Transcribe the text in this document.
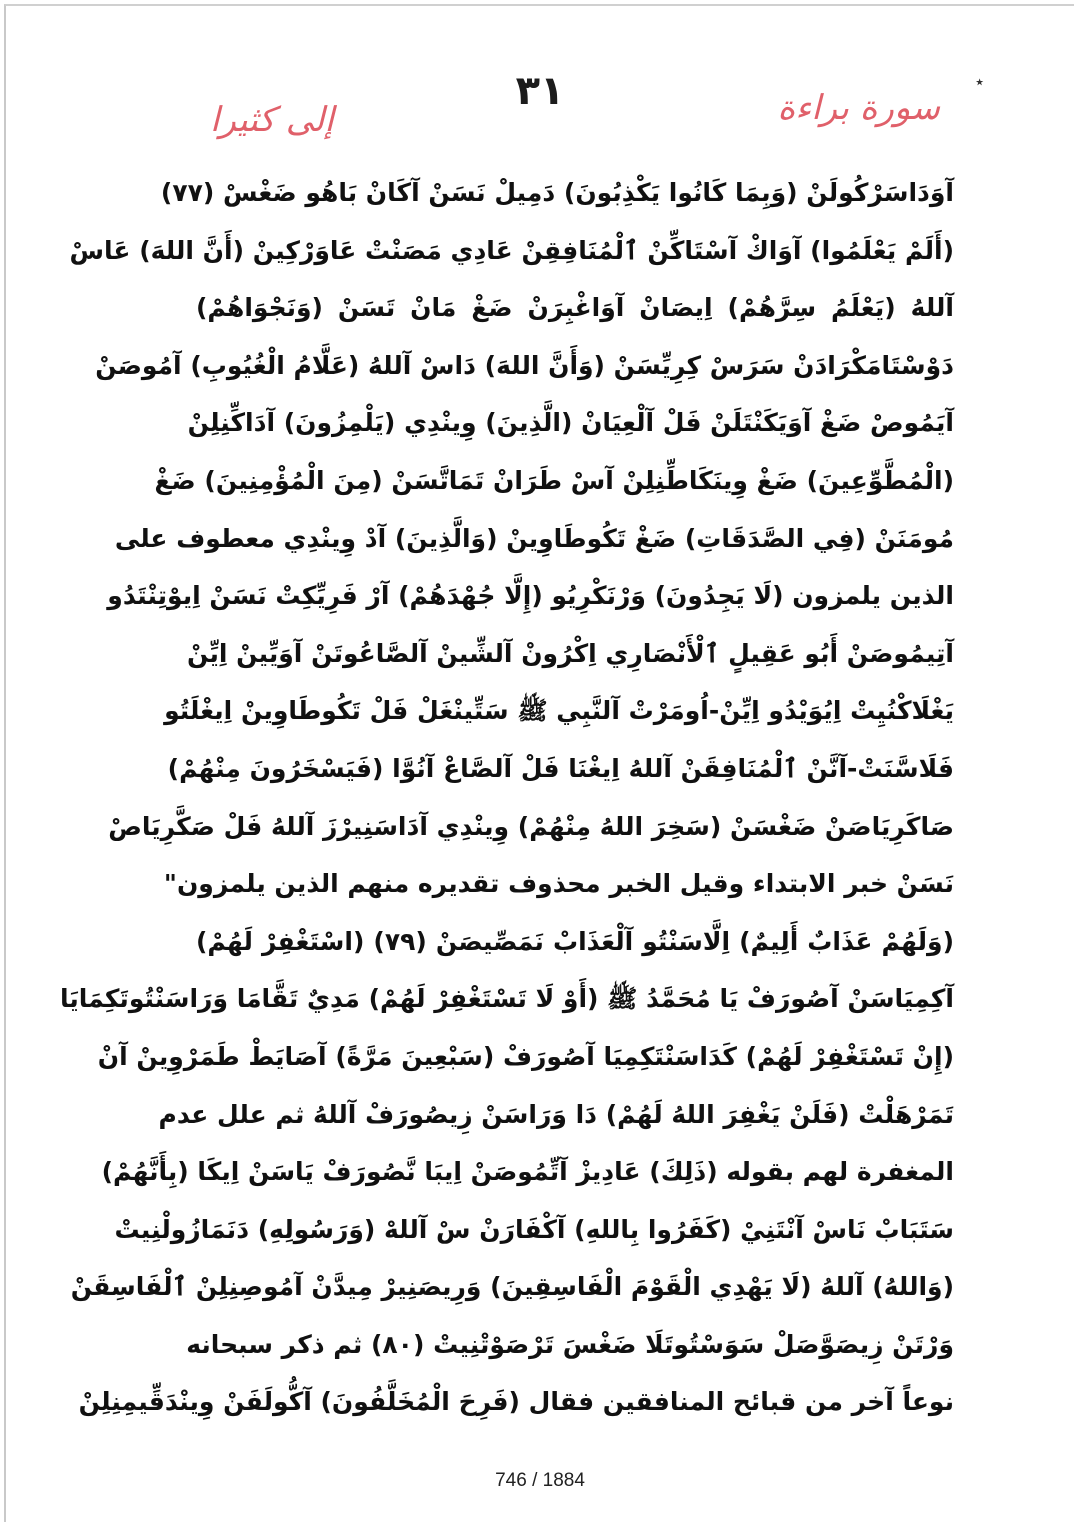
٭
٣١	سورة براءة
إلى كثيرا
آوَدَاسَرْكُولَنْ (وَبِمَا كَانُوا يَكْذِبُونَ) دَمِيلْ نَسَنْ آكَانْ بَاهُو ضَغْسْ (٧٧)
(أَلَمْ يَعْلَمُوا) آوَاكْ آسْتَاكِّنْ ٱلْمُنَافِقِنْ عَادِي مَصَنْتْ عَاوَرْكِينْ (أَنَّ اللهَ) عَاسْ
آللهُ (يَعْلَمُ سِرَّهُمْ) اِيصَانْ آوَاغْبِرَنْ ضَغْ مَانْ تَسَنْ (وَنَجْوَاهُمْ)
دَوْسْتَامَكْرَادَنْ سَرَسْ كِرِيِّسَنْ (وَأَنَّ اللهَ) دَاسْ آللهُ (عَلَّامُ الْغُيُوبِ) آمُوصَنْ
آيَمُوصْ ضَغْ آوَيَكَنْتَلَنْ فَلْ آلْعِيَانْ (الَّذِينَ) وِينْدِي (يَلْمِزُونَ) آدَاكِّنِلِنْ
(الْمُطَّوِّعِينَ) ضَغْ وِينَكَاطِّنِلِنْ آسْ طَرَانْ تَمَاتَّسَنْ (مِنَ الْمُؤْمِنِينَ) ضَغْ
مُومَنَنْ (فِي الصَّدَقَاتِ) ضَغْ تَكُوطَاوِينْ (وَالَّذِينَ) آدْ وِينْدِي معطوف على
الذين يلمزون (لَا يَجِدُونَ) وَرْنَكْرِيُو (إِلَّا جُهْدَهُمْ) آرْ فَرِيِّكِتْ نَسَنْ اِيوْتِنْتَدُو
آتِيمُوصَنْ أَبُو عَقِيلٍ ٱلْأَنْصَارِي اِكْرُونْ آلشِّينْ آلصَّاعُوتَنْ آوَيِّينْ اِيِّنْ
يَغْلَاكْنُيِتْ اِيُوَيْدُو اِيِّنْ-اُومَرْتْ آلنَّبِي ﷺ سَتِّينْغَلْ فَلْ تَكُوطَاوِينْ اِيغْلَتُو
فَلَاسَّنَتْ-آنَّنْ ٱلْمُنَافِقَنْ آللهُ اِيغْنَا فَلْ آلصَّاعْ آنُوَّا (فَيَسْخَرُونَ مِنْهُمْ)
صَاكَرِيَاصَنْ ضَغْسَنْ (سَخِرَ اللهُ مِنْهُمْ) وِينْدِي آدَاسَنِيرْزَ آللهُ فَلْ صَكَّرِيَاصْ
نَسَنْ خبر الابتداء وقيل الخبر محذوف تقديره منهم الذين يلمزون"
(وَلَهُمْ عَذَابٌ أَلِيمٌ) اِلَّاسَنْتُو آلْعَذَابْ نَمَصِّيصَنْ (٧٩) (اسْتَغْفِرْ لَهُمْ)
آكِمِيَاسَنْ آصُورَفْ يَا مُحَمَّدُ ﷺ (أَوْ لَا تَسْتَغْفِرْ لَهُمْ) مَدِيٌ تَقَّامَا وَرَاسَنْتُوتَكِمَايَا
(إِنْ تَسْتَغْفِرْ لَهُمْ) كَدَاسَنْتَكِمِيَا آصُورَفْ (سَبْعِينَ مَرَّةً) آصَايَطْ طَمَرْوِينْ آنْ
تَمَرْهَلْتْ (فَلَنْ يَغْفِرَ اللهُ لَهُمْ) دَا وَرَاسَنْ زِيصُورَفْ آللهُ ثم علل عدم
المغفرة لهم بقوله (ذَلِكَ) عَادِيزْ آتِّمُوصَنْ اِيبَا نَّصُورَفْ يَاسَنْ اِيكَا (بِأَنَّهُمْ)
سَتَبَابْ نَاسْ آنْتَنِيْ (كَفَرُوا بِاللهِ) آكْفَارَنْ سْ آللهْ (وَرَسُولِهِ) دَنَمَازُولْنِيتْ
(وَاللهُ) آللهُ (لَا يَهْدِي الْقَوْمَ الْفَاسِقِينَ) وَرِيصَنِيرْ مِيدَّنْ آمُوصِنِلِنْ ٱلْفَاسِقَنْ
وَرْتَنْ زِيصَوَّصَلْ سَوَسْتُوتَلَا ضَغْسَ تَرْصَوْتْنِيتْ (٨٠) ثم ذكر سبحانه
نوعاً آخر من قبائح المنافقين فقال (فَرِحَ الْمُخَلَّفُونَ) آكُّولَفَنْ وِينْدَقِّيمِنِلِنْ
746 / 1884
